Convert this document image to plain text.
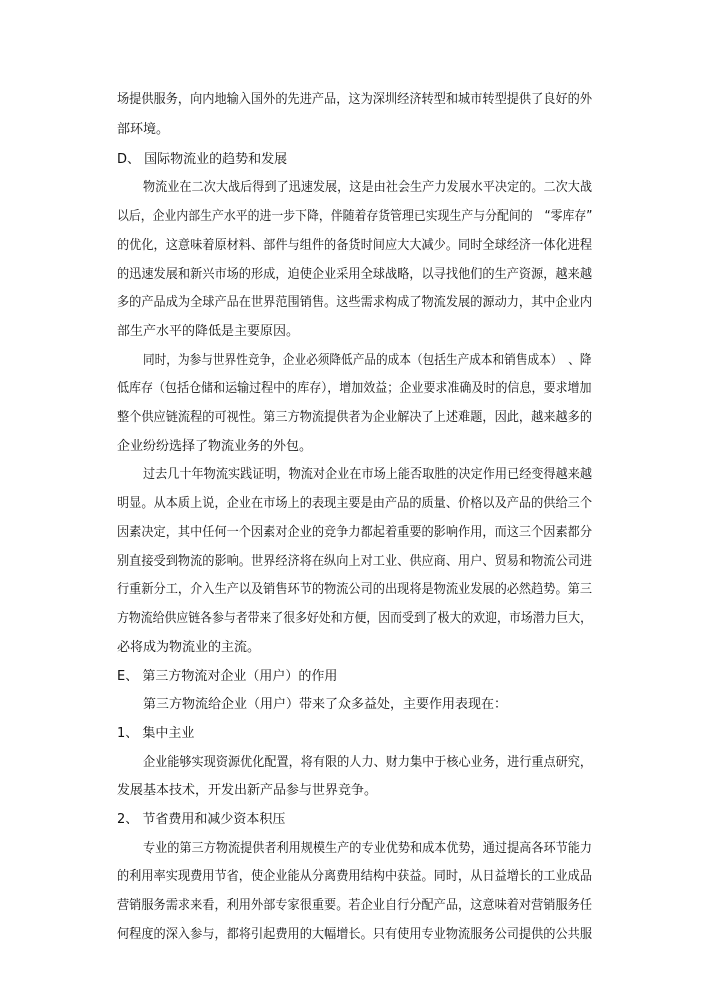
场提供服务，向内地输入国外的先进产品，这为深圳经济转型和城市转型提供了良好的外
部环境。
D、 国际物流业的趋势和发展
物流业在二次大战后得到了迅速发展，这是由社会生产力发展水平决定的。二次大战
以后，企业内部生产水平的进一步下降，伴随着存货管理已实现生产与分配间的　“零库存”
的优化，这意味着原材料、部件与组件的备货时间应大大减少。同时全球经济一体化进程
的迅速发展和新兴市场的形成，迫使企业采用全球战略，以寻找他们的生产资源，越来越
多的产品成为全球产品在世界范围销售。这些需求构成了物流发展的源动力，其中企业内
部生产水平的降低是主要原因。
同时，为参与世界性竞争，企业必须降低产品的成本（包括生产成本和销售成本）　、降
低库存（包括仓储和运输过程中的库存），增加效益；企业要求准确及时的信息，要求增加
整个供应链流程的可视性。第三方物流提供者为企业解决了上述难题，因此，越来越多的
企业纷纷选择了物流业务的外包。
过去几十年物流实践证明，物流对企业在市场上能否取胜的决定作用已经变得越来越
明显。从本质上说，企业在市场上的表现主要是由产品的质量、价格以及产品的供给三个
因素决定，其中任何一个因素对企业的竞争力都起着重要的影响作用，而这三个因素都分
别直接受到物流的影响。世界经济将在纵向上对工业、供应商、用户、贸易和物流公司进
行重新分工，介入生产以及销售环节的物流公司的出现将是物流业发展的必然趋势。第三
方物流给供应链各参与者带来了很多好处和方便，因而受到了极大的欢迎，市场潜力巨大，
必将成为物流业的主流。
E、 第三方物流对企业（用户）的作用
第三方物流给企业（用户）带来了众多益处，主要作用表现在：
1、 集中主业
企业能够实现资源优化配置，将有限的人力、财力集中于核心业务，进行重点研究，
发展基本技术，开发出新产品参与世界竞争。
2、 节省费用和减少资本积压
专业的第三方物流提供者利用规模生产的专业优势和成本优势，通过提高各环节能力
的利用率实现费用节省，使企业能从分离费用结构中获益。同时，从日益增长的工业成品
营销服务需求来看，利用外部专家很重要。若企业自行分配产品，这意味着对营销服务任
何程度的深入参与，都将引起费用的大幅增长。只有使用专业物流服务公司提供的公共服
